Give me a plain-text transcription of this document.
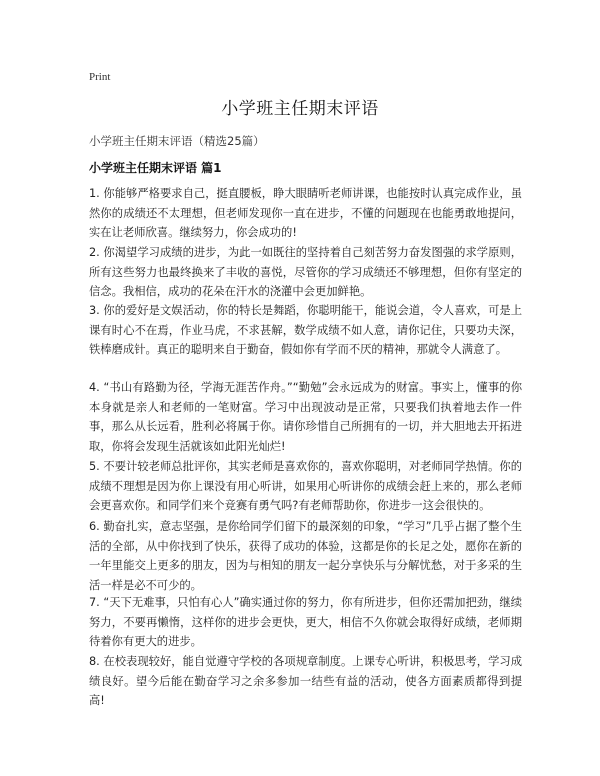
Print
小学班主任期末评语
小学班主任期末评语（精选25篇）
小学班主任期末评语 篇1

1. 你能够严格要求自己，挺直腰板，睁大眼睛听老师讲课，也能按时认真完成作业，虽然你的成绩还不太理想，但老师发现你一直在进步，不懂的问题现在也能勇敢地提问，实在让老师欣喜。继续努力，你会成功的!

2. 你渴望学习成绩的进步，为此一如既往的坚持着自己刻苦努力奋发图强的求学原则，所有这些努力也最终换来了丰收的喜悦，尽管你的学习成绩还不够理想，但你有坚定的信念。我相信，成功的花朵在汗水的浇灌中会更加鲜艳。

3. 你的爱好是文娱活动，你的特长是舞蹈，你聪明能干，能说会道，令人喜欢，可是上课有时心不在焉，作业马虎，不求甚解，数学成绩不如人意，请你记住，只要功夫深，铁棒磨成针。真正的聪明来自于勤奋，假如你有学而不厌的精神，那就令人满意了。

4. “书山有路勤为径，学海无涯苦作舟。”“勤勉”会永远成为的财富。事实上，懂事的你本身就是亲人和老师的一笔财富。学习中出现波动是正常，只要我们执着地去作一件事，那么从长远看，胜利必将属于你。请你珍惜自己所拥有的一切，并大胆地去开拓进取，你将会发现生活就该如此阳光灿烂!

5. 不要计较老师总批评你，其实老师是喜欢你的，喜欢你聪明，对老师同学热情。你的成绩不理想是因为你上课没有用心听讲，如果用心听讲你的成绩会赶上来的，那么老师会更喜欢你。和同学们来个竞赛有勇气吗?有老师帮助你，你进步一这会很快的。

6. 勤奋扎实，意志坚强，是你给同学们留下的最深刻的印象，“学习”几乎占据了整个生活的全部，从中你找到了快乐，获得了成功的体验，这都是你的长足之处，愿你在新的一年里能交上更多的朋友，因为与相知的朋友一起分享快乐与分解忧愁，对于多采的生活一样是必不可少的。

7. “天下无难事，只怕有心人”确实通过你的努力，你有所进步，但你还需加把劲，继续努力，不要再懒惰，这样你的进步会更快，更大，相信不久你就会取得好成绩，老师期待着你有更大的进步。

8. 在校表现较好，能自觉遵守学校的各项规章制度。上课专心听讲，积极思考，学习成绩良好。望今后能在勤奋学习之余多参加一结些有益的活动，使各方面素质都得到提高!
